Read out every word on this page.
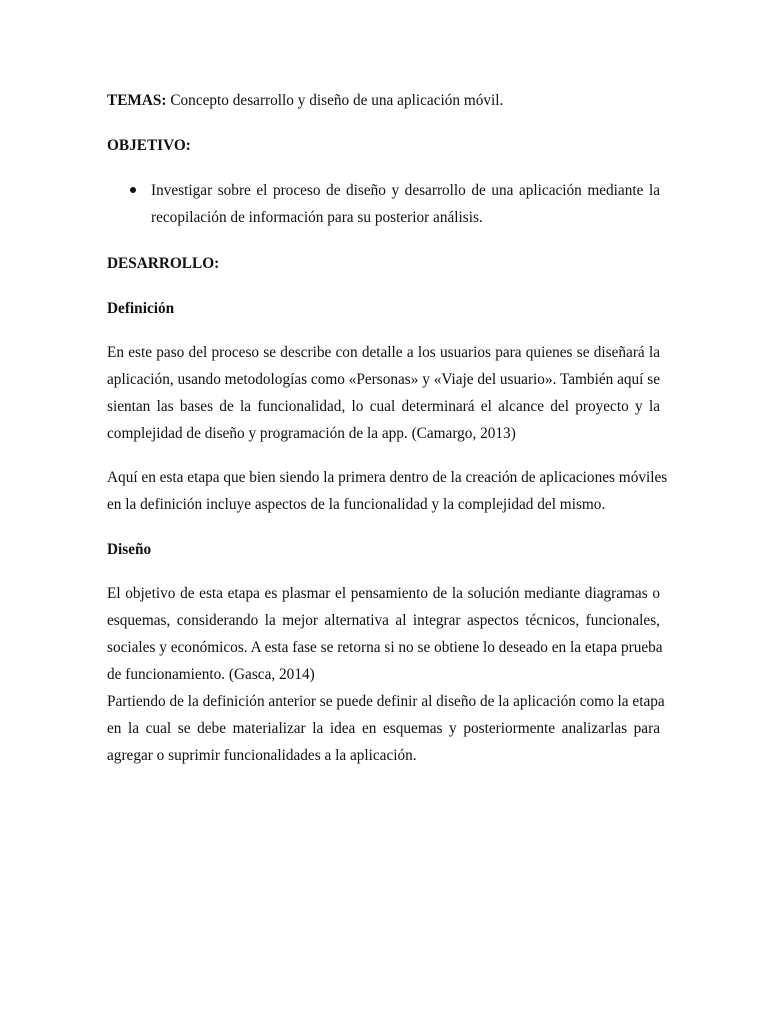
TEMAS: Concepto desarrollo y diseño de una aplicación móvil.
OBJETIVO:
Investigar sobre el proceso de diseño y desarrollo de una aplicación mediante la
recopilación de información para su posterior análisis.
DESARROLLO:
Definición
En este paso del proceso se describe con detalle a los usuarios para quienes se diseñará la
aplicación, usando metodologías como «Personas» y «Viaje del usuario». También aquí se
sientan las bases de la funcionalidad, lo cual determinará el alcance del proyecto y la
complejidad de diseño y programación de la app. (Camargo, 2013)
Aquí en esta etapa que bien siendo la primera dentro de la creación de aplicaciones móviles
en la definición incluye aspectos de la funcionalidad y la complejidad del mismo.
Diseño
El objetivo de esta etapa es plasmar el pensamiento de la solución mediante diagramas o
esquemas, considerando la mejor alternativa al integrar aspectos técnicos, funcionales,
sociales y económicos. A esta fase se retorna si no se obtiene lo deseado en la etapa prueba
de funcionamiento. (Gasca, 2014)
Partiendo de la definición anterior se puede definir al diseño de la aplicación como la etapa
en la cual se debe materializar la idea en esquemas y posteriormente analizarlas para
agregar o suprimir funcionalidades a la aplicación.
